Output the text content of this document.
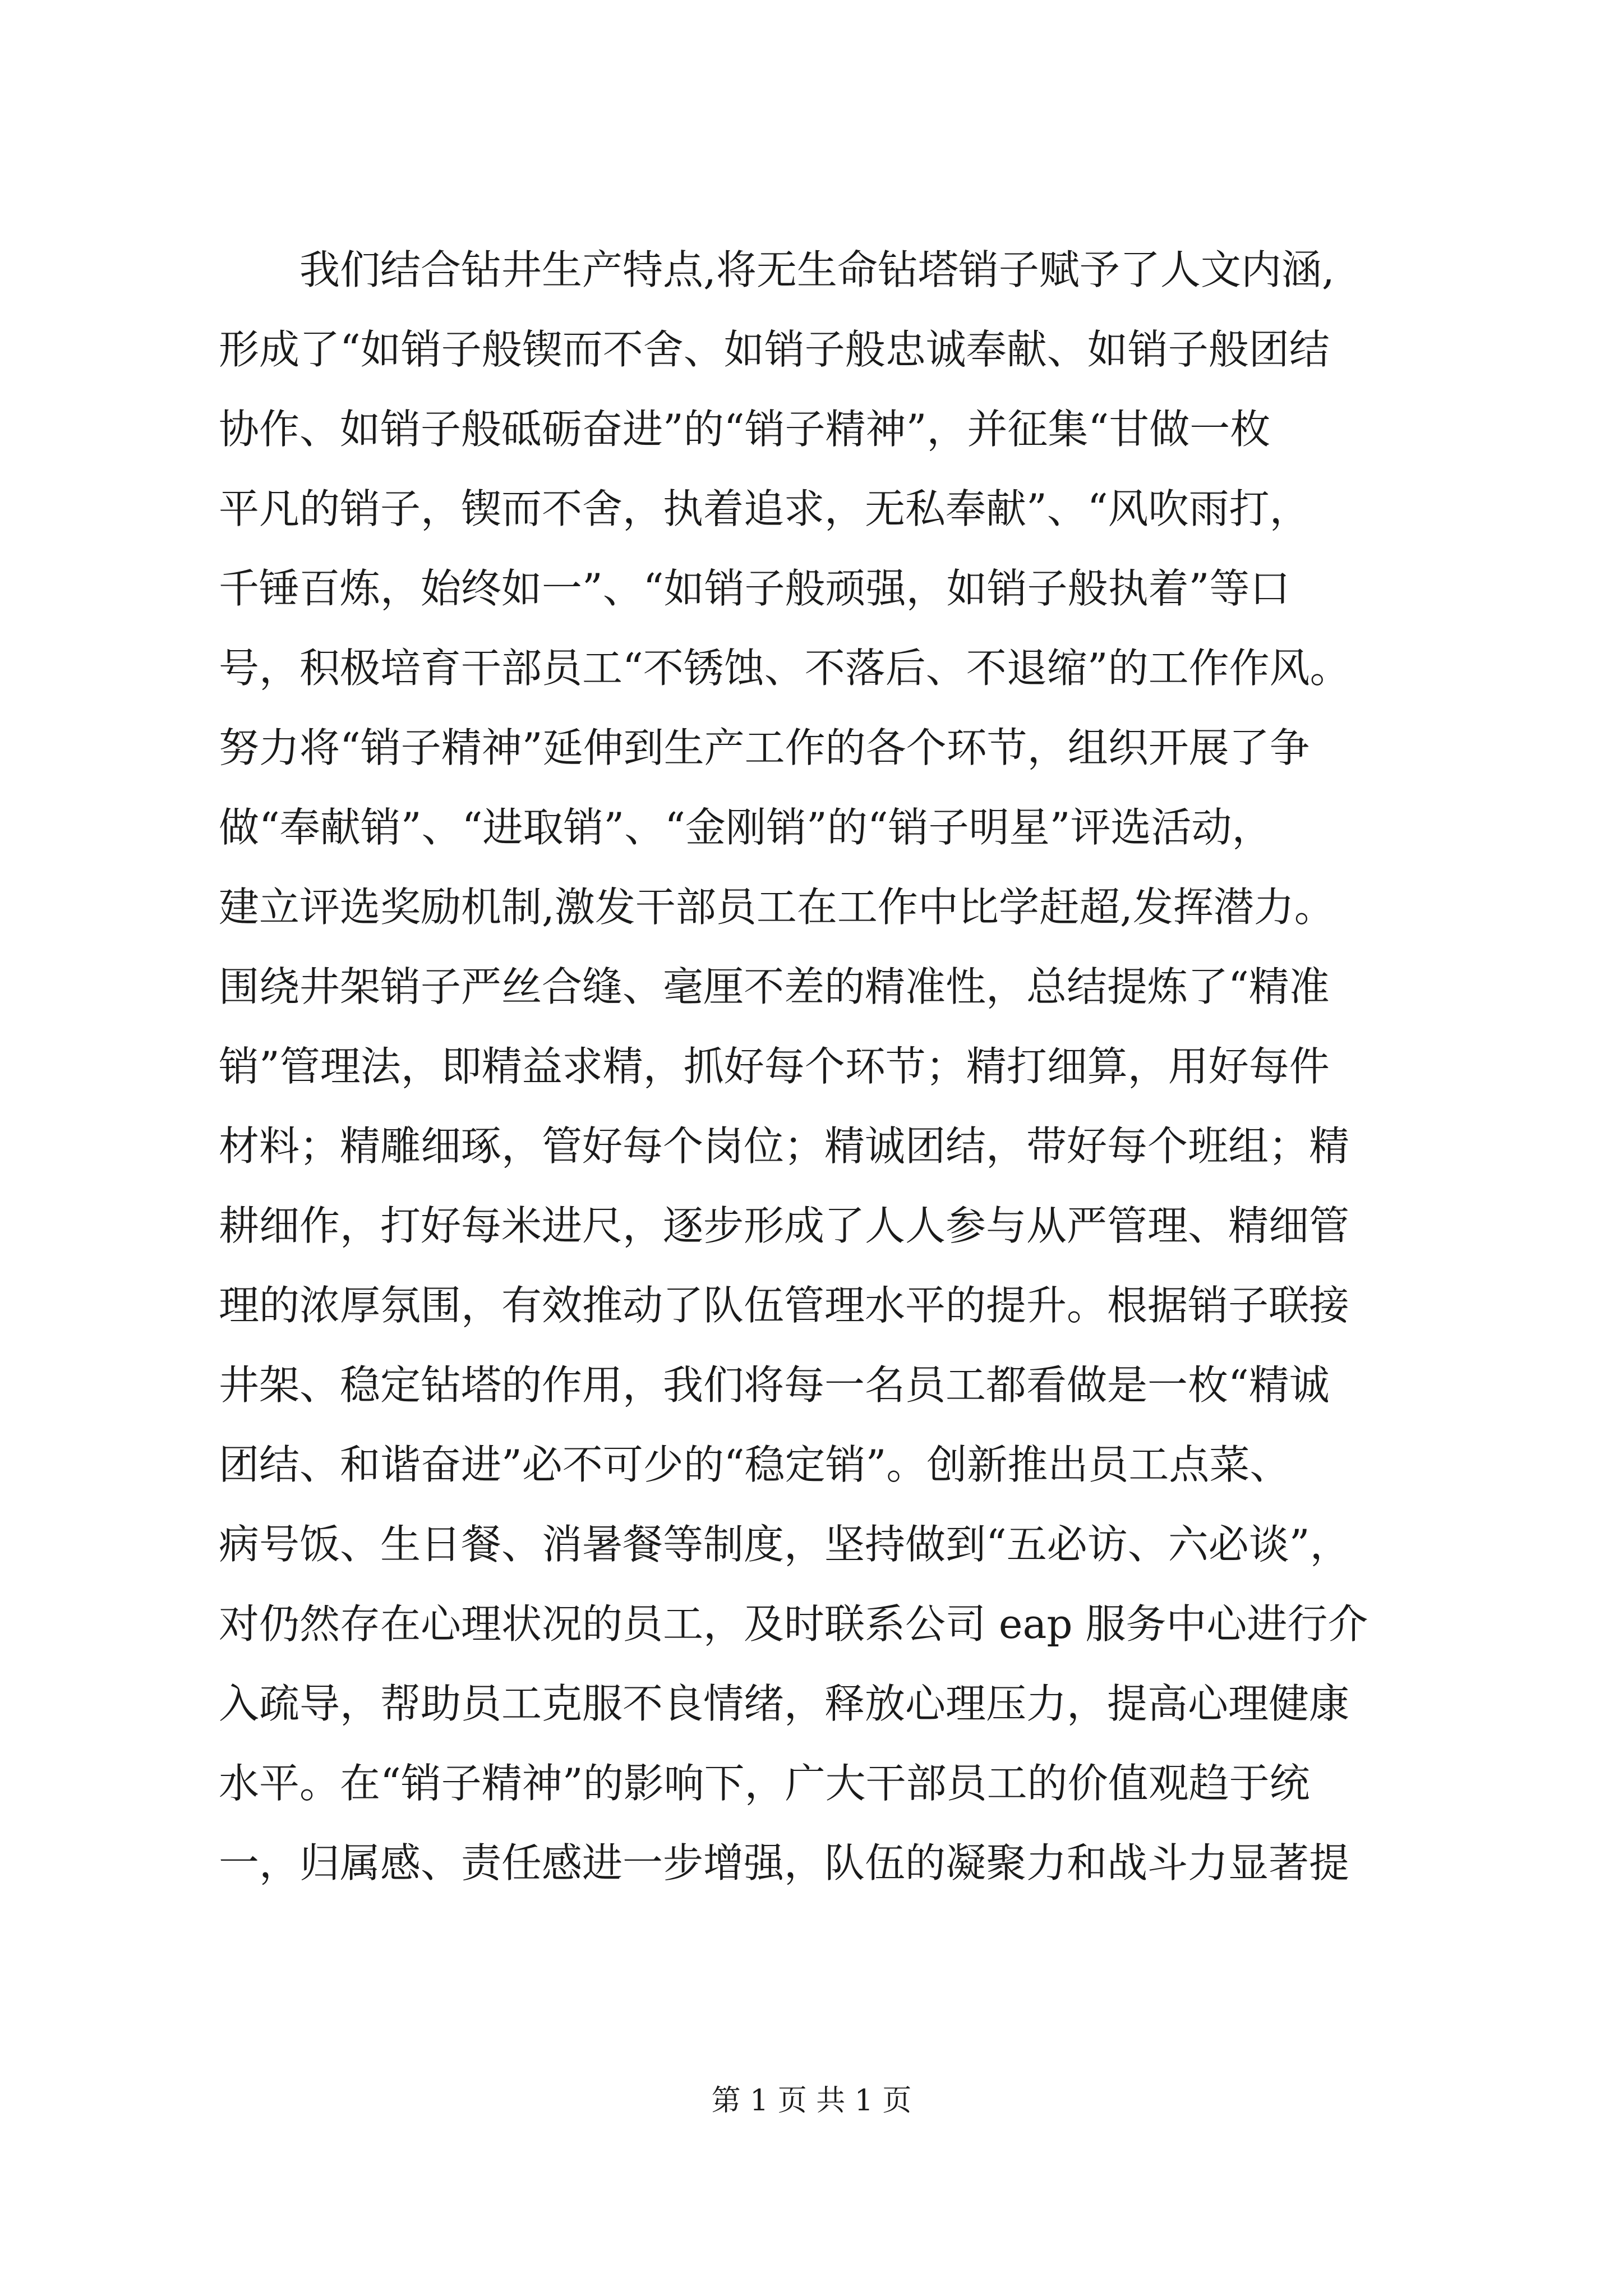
我们结合钻井生产特点,将无生命钻塔销子赋予了人文内涵,
形成了“如销子般锲而不舍、如销子般忠诚奉献、如销子般团结
协作、如销子般砥砺奋进”的“销子精神”，并征集“甘做一枚
平凡的销子，锲而不舍，执着追求，无私奉献”、“风吹雨打，
千锤百炼，始终如一”、“如销子般顽强，如销子般执着”等口
号，积极培育干部员工“不锈蚀、不落后、不退缩”的工作作风。
努力将“销子精神”延伸到生产工作的各个环节，组织开展了争
做“奉献销”、“进取销”、“金刚销”的“销子明星”评选活动，
建立评选奖励机制,激发干部员工在工作中比学赶超,发挥潜力。
围绕井架销子严丝合缝、毫厘不差的精准性，总结提炼了“精准
销”管理法，即精益求精，抓好每个环节；精打细算，用好每件
材料；精雕细琢，管好每个岗位；精诚团结，带好每个班组；精
耕细作，打好每米进尺，逐步形成了人人参与从严管理、精细管
理的浓厚氛围，有效推动了队伍管理水平的提升。根据销子联接
井架、稳定钻塔的作用，我们将每一名员工都看做是一枚“精诚
团结、和谐奋进”必不可少的“稳定销”。创新推出员工点菜、
病号饭、生日餐、消暑餐等制度，坚持做到“五必访、六必谈”，
对仍然存在心理状况的员工，及时联系公司 eap 服务中心进行介
入疏导，帮助员工克服不良情绪，释放心理压力，提高心理健康
水平。在“销子精神”的影响下，广大干部员工的价值观趋于统
一，归属感、责任感进一步增强，队伍的凝聚力和战斗力显著提
第 1 页 共 1 页
